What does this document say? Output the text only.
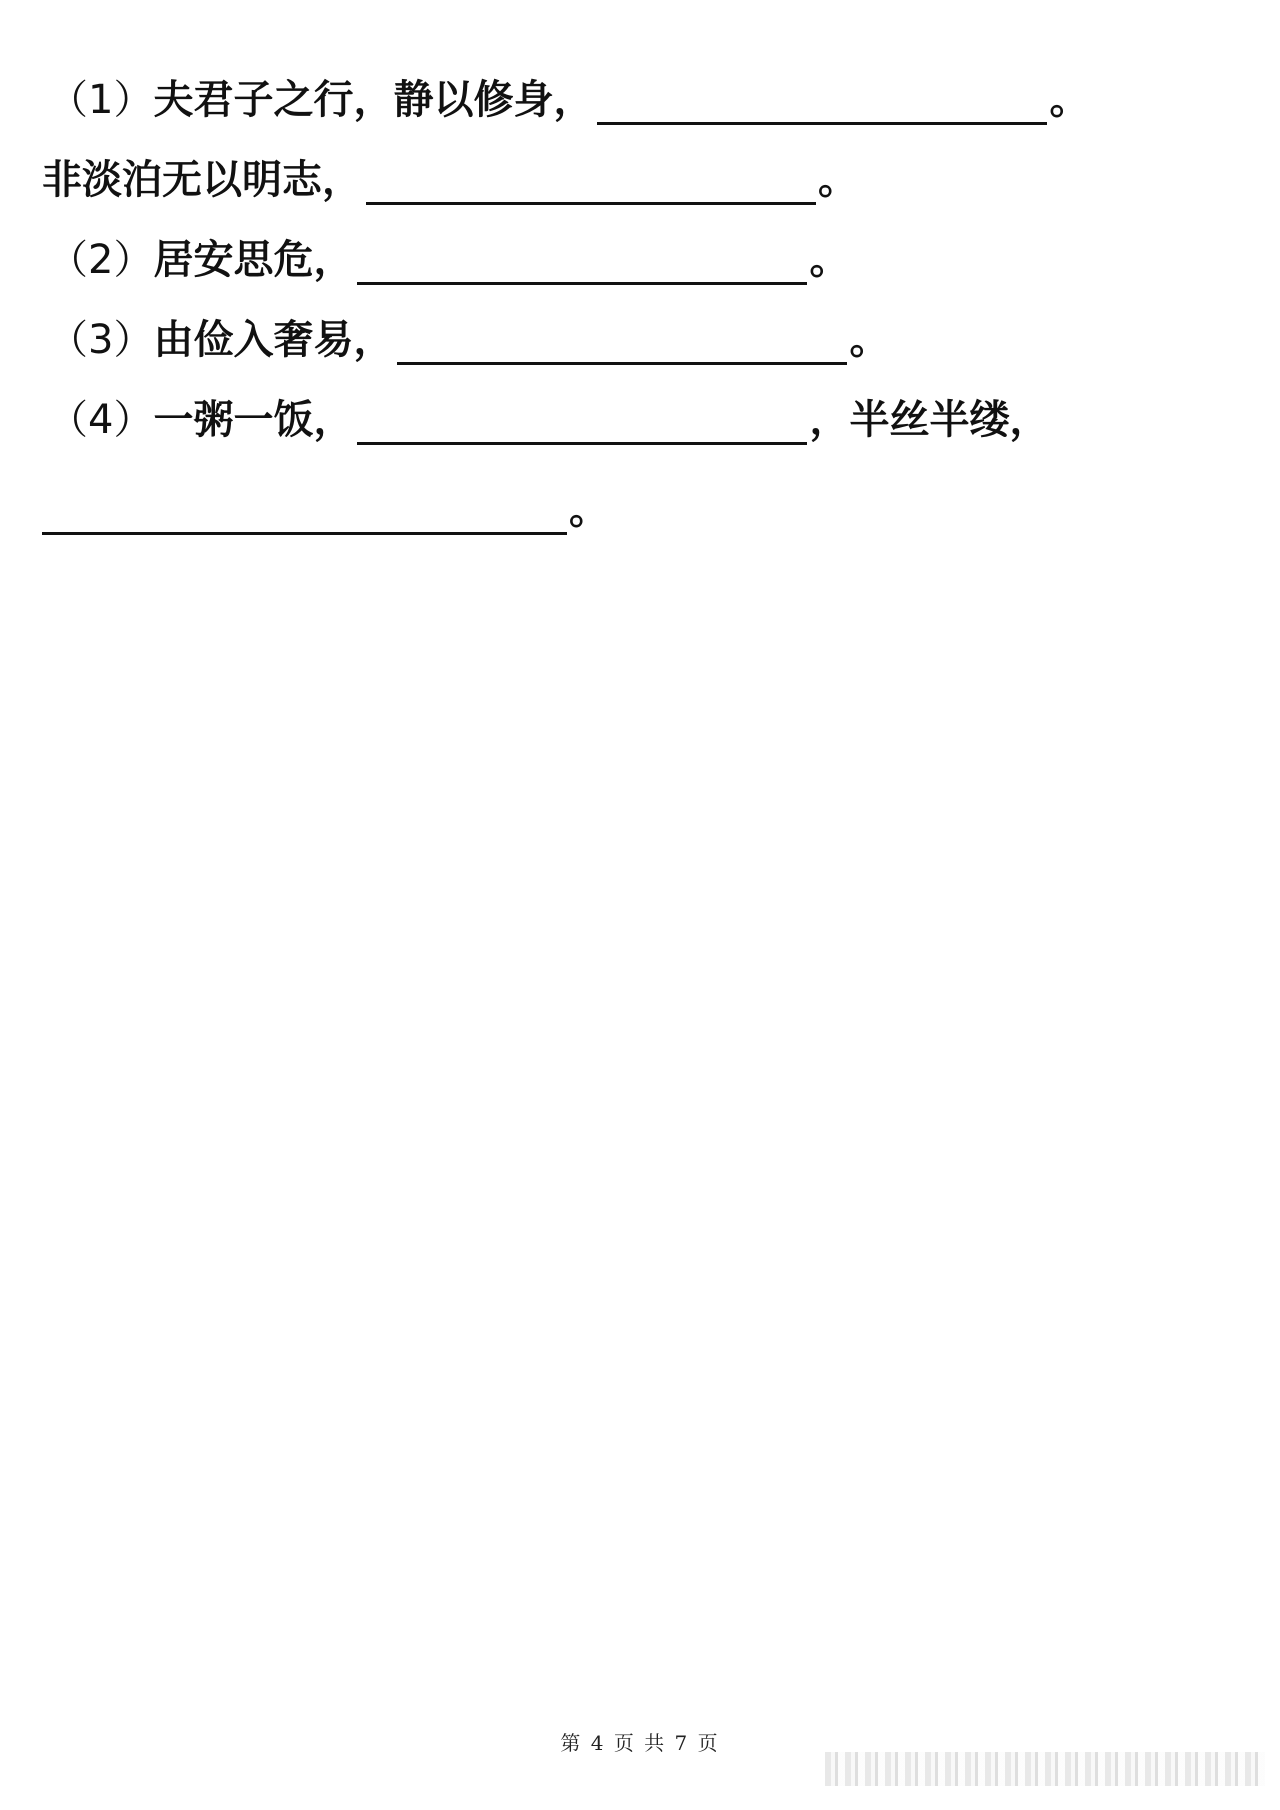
（1）夫君子之行，静以修身，	。
非淡泊无以明志，	。
（2）居安思危，	。
（3）由俭入奢易，	。
（4）一粥一饭，	，半丝半缕，
。
第 4 页 共 7 页
